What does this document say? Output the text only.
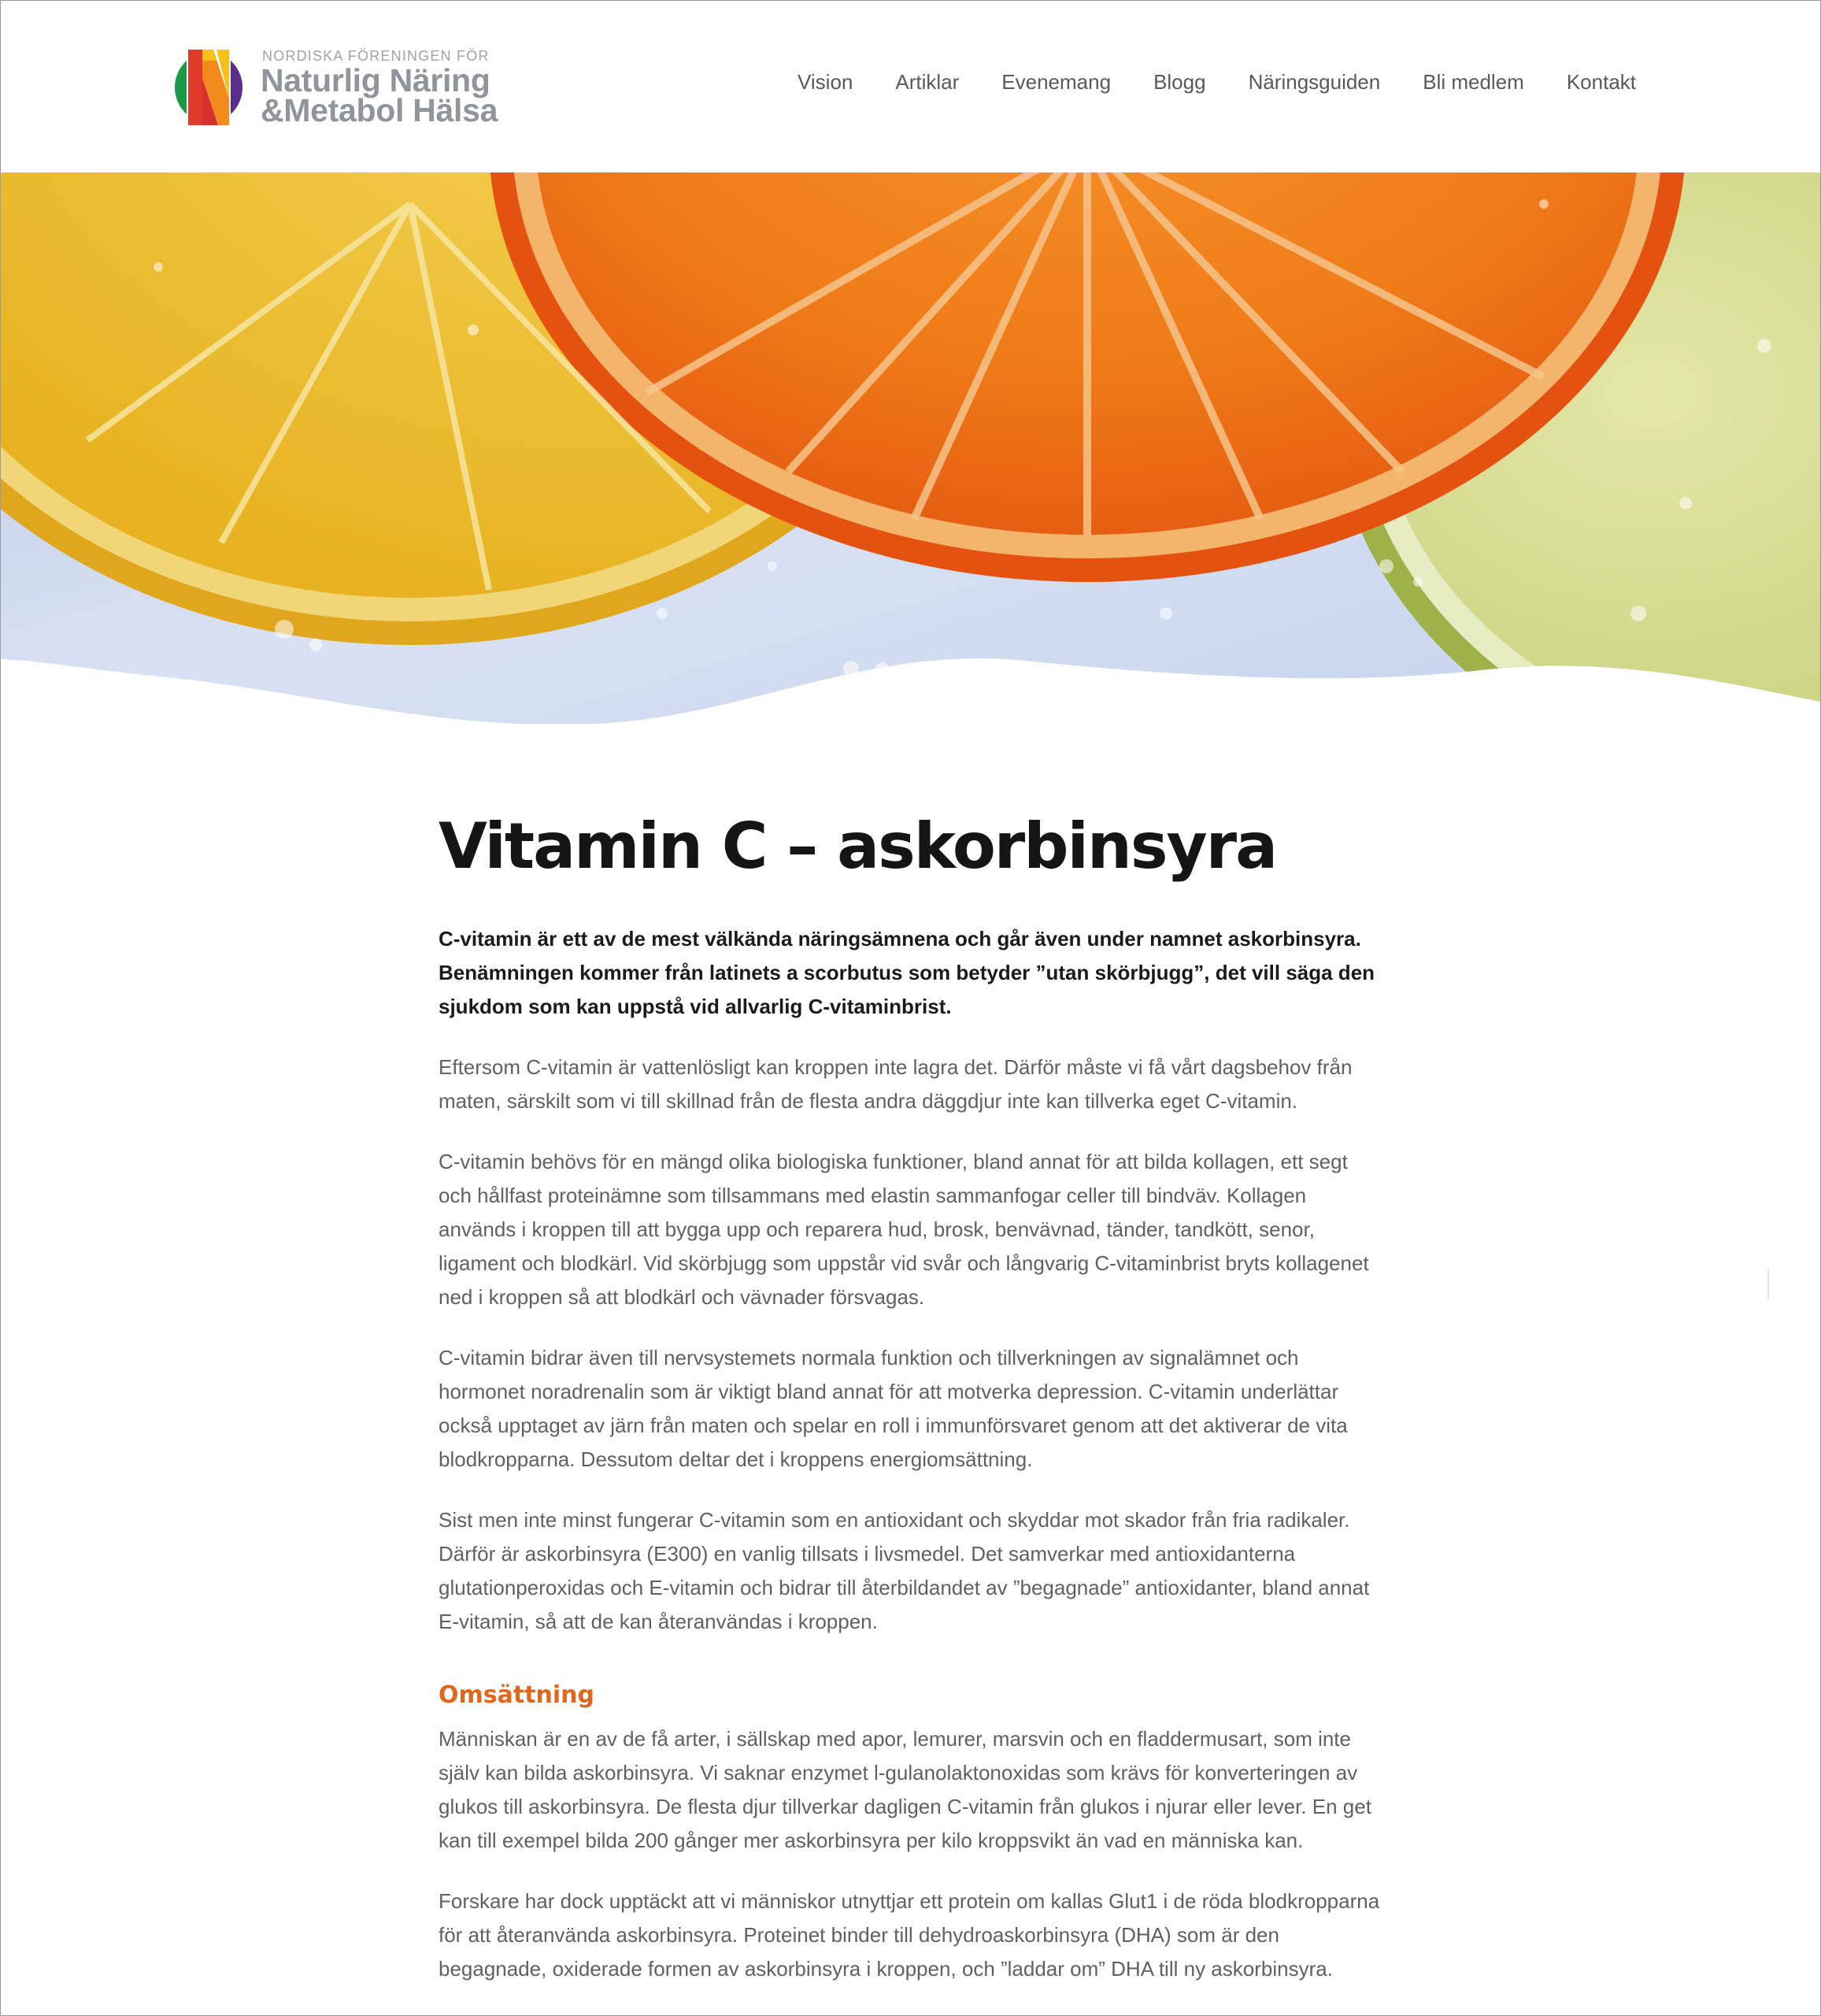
NORDISKA FÖRENINGEN FÖR
Naturlig Näring
&Metabol Hälsa
Vision Artiklar Evenemang Blogg Näringsguiden Bli medlem Kontakt
Vitamin C – askorbinsyra

C-vitamin är ett av de mest välkända näringsämnena och går även under namnet askorbinsyra. Benämningen kommer från latinets a scorbutus som betyder ”utan skörbjugg”, det vill säga den sjukdom som kan uppstå vid allvarlig C-vitaminbrist.

Eftersom C-vitamin är vattenlösligt kan kroppen inte lagra det. Därför måste vi få vårt dagsbehov från maten, särskilt som vi till skillnad från de flesta andra däggdjur inte kan tillverka eget C-vitamin.

C-vitamin behövs för en mängd olika biologiska funktioner, bland annat för att bilda kollagen, ett segt och hållfast proteinämne som tillsammans med elastin sammanfogar celler till bindväv. Kollagen används i kroppen till att bygga upp och reparera hud, brosk, benvävnad, tänder, tandkött, senor, ligament och blodkärl. Vid skörbjugg som uppstår vid svår och långvarig C-vitaminbrist bryts kollagenet ned i kroppen så att blodkärl och vävnader försvagas.

C-vitamin bidrar även till nervsystemets normala funktion och tillverkningen av signalämnet och hormonet noradrenalin som är viktigt bland annat för att motverka depression. C-vitamin underlättar också upptaget av järn från maten och spelar en roll i immunförsvaret genom att det aktiverar de vita blodkropparna. Dessutom deltar det i kroppens energiomsättning.

Sist men inte minst fungerar C-vitamin som en antioxidant och skyddar mot skador från fria radikaler. Därför är askorbinsyra (E300) en vanlig tillsats i livsmedel. Det samverkar med antioxidanterna glutationperoxidas och E-vitamin och bidrar till återbildandet av ”begagnade” antioxidanter, bland annat E-vitamin, så att de kan återanvändas i kroppen.

Omsättning

Människan är en av de få arter, i sällskap med apor, lemurer, marsvin och en fladdermusart, som inte själv kan bilda askorbinsyra. Vi saknar enzymet l-gulanolaktonoxidas som krävs för konverteringen av glukos till askorbinsyra. De flesta djur tillverkar dagligen C-vitamin från glukos i njurar eller lever. En get kan till exempel bilda 200 gånger mer askorbinsyra per kilo kroppsvikt än vad en människa kan.

Forskare har dock upptäckt att vi människor utnyttjar ett protein om kallas Glut1 i de röda blodkropparna för att återanvända askorbinsyra. Proteinet binder till dehydroaskorbinsyra (DHA) som är den begagnade, oxiderade formen av askorbinsyra i kroppen, och ”laddar om” DHA till ny askorbinsyra.
